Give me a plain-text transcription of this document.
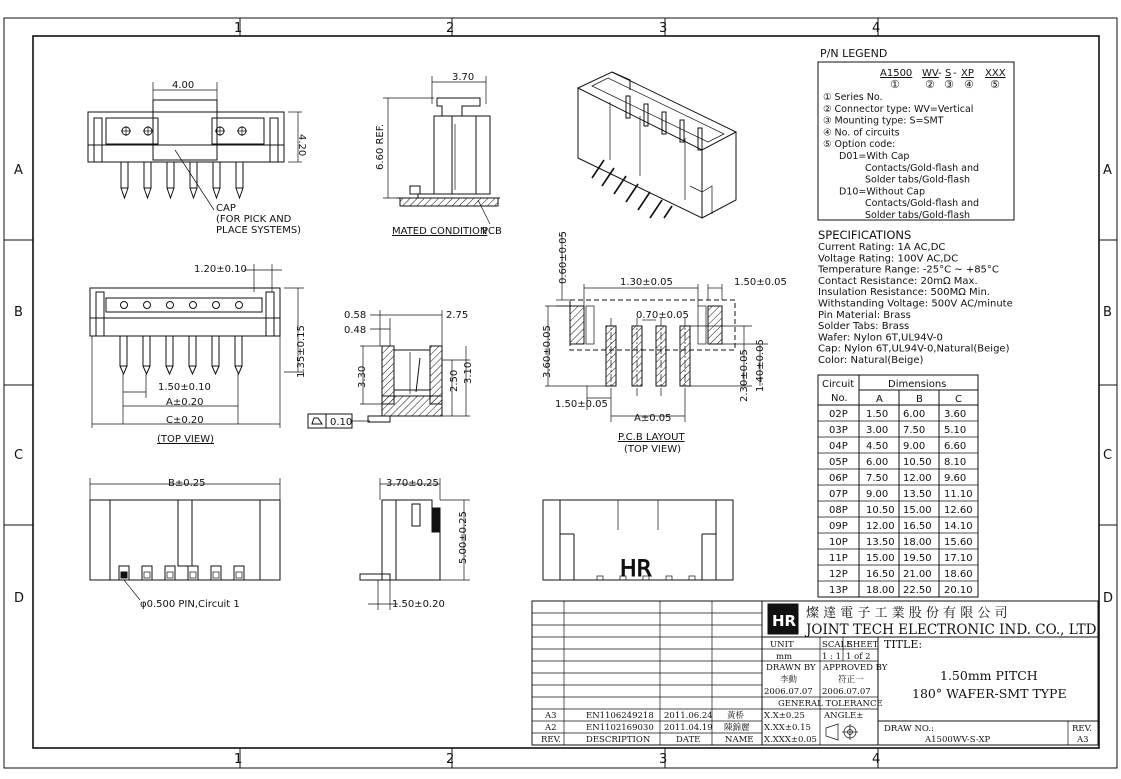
1	2	3	4
1	2	3	4
A
B
C
D
A
B
C
D
4.00
4.20
CAP
(FOR PICK AND
PLACE SYSTEMS)
3.70
6.60 REF.
MATED CONDITION
PCB
1.20±0.10
1.35±0.15
1.50±0.10
A±0.20
C±0.20
(TOP VIEW)
0.58	2.75
0.48
3.30	2.50 3.10
0.10
0.60±0.05	1.30±0.05	1.50±0.05
0.70±0.05
3.60±0.05
1.50±0.05
A±0.05
2.30±0.05 1.40±0.05
P.C.B LAYOUT
(TOP VIEW)
B±0.25
φ0.500 PIN,Circuit 1
3.70±0.25
5.00±0.25
1.50±0.20
HR
P/N LEGEND
A1500 WV - S - XP XXX
① ② ③ ④ ⑤
① Series No.
② Connector type: WV=Vertical
③ Mounting type: S=SMT
④ No. of circuits
⑤ Option code:
D01=With Cap
Contacts/Gold-flash and
Solder tabs/Gold-flash
D10=Without Cap
Contacts/Gold-flash and
Solder tabs/Gold-flash
SPECIFICATIONS
Current Rating: 1A AC,DC
Voltage Rating: 100V AC,DC
Temperature Range: -25°C ~ +85°C
Contact Resistance: 20mΩ Max.
Insulation Resistance: 500MΩ Min.
Withstanding Voltage: 500V AC/minute
Pin Material: Brass
Solder Tabs: Brass
Wafer: Nylon 6T,UL94V-0
Cap: Nylon 6T,UL94V-0,Natural(Beige)
Color: Natural(Beige)
Circuit
No.
Dimensions
A	B	C
02P 1.50 6.00 3.60
03P 3.00 7.50 5.10
04P 4.50 9.00 6.60
05P 6.00 10.50 8.10
06P 7.50 12.00 9.60
07P 9.00 13.50 11.10
08P 10.50 15.00 12.60
09P 12.00 16.50 14.10
10P 13.50 18.00 15.60
11P 15.00 19.50 17.10
12P 16.50 21.00 18.60
13P 18.00 22.50 20.10
A3	EN1106249218 2011.06.24 黃桥
A2	EN1102169030 2011.04.19 陳錦麗
REV.	DESCRIPTION	DATE	NAME
HR 燦 達 電 子 工 業 股 份 有 限 公 司
JOINT TECH ELECTRONIC IND. CO., LTD.
UNIT
mm
SCALE
1 : 1
SHEET
1 of 2
DRAWN BY
李動
2006.07.07
APPROVED BY
符正一
2006.07.07
GENERAL TOLERANCE
X.X±0.25
X.XX±0.15
X.XXX±0.05
ANGLE±
TITLE:
1.50mm PITCH
180° WAFER-SMT TYPE
DRAW NO.:
A1500WV-S-XP
REV.
A3
